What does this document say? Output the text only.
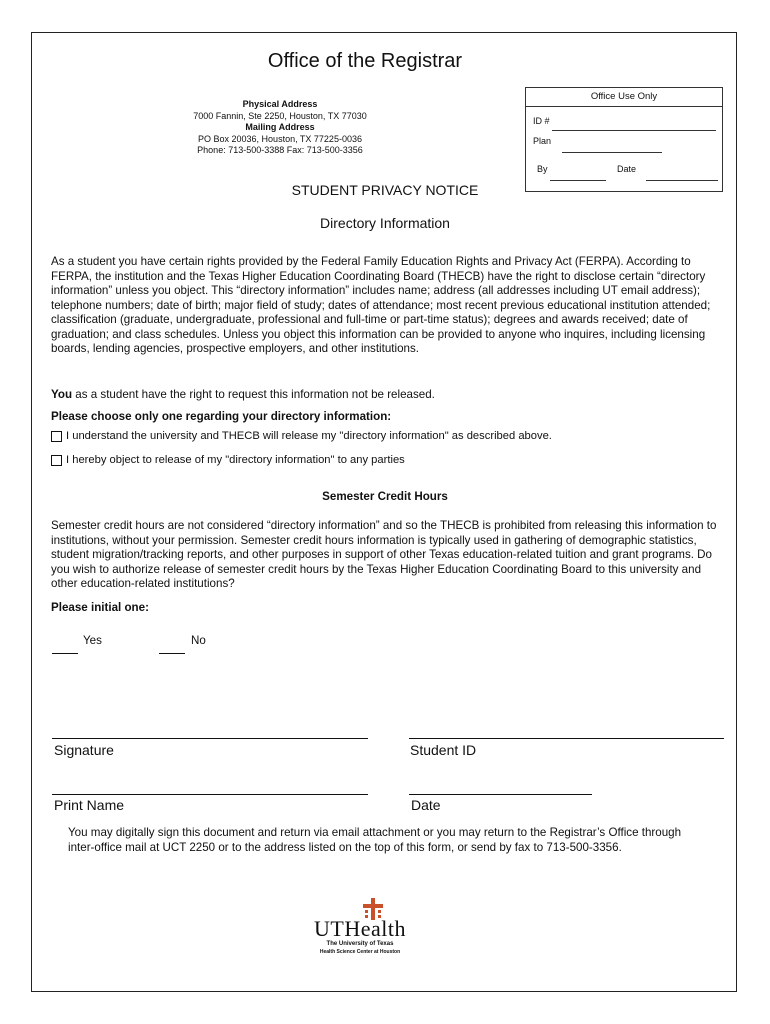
Office of the Registrar
Physical Address
7000 Fannin, Ste 2250, Houston, TX 77030
Mailing Address
PO Box 20036, Houston, TX 77225-0036
Phone: 713-500-3388 Fax: 713-500-3356
Office Use Only
ID #
Plan
By	Date
STUDENT PRIVACY NOTICE
Directory Information
As a student you have certain rights provided by the Federal Family Education Rights and Privacy Act (FERPA). According to FERPA, the institution and the Texas Higher Education Coordinating Board (THECB) have the right to disclose certain “directory information” unless you object. This “directory information” includes name; address (all addresses including UT email address); telephone numbers; date of birth; major field of study; dates of attendance; most recent previous educational institution attended; classification (graduate, undergraduate, professional and full-time or part-time status); degrees and awards received; date of graduation; and class schedules. Unless you object this information can be provided to anyone who inquires, including licensing boards, lending agencies, prospective employers, and other institutions.
You as a student have the right to request this information not be released.
Please choose only one regarding your directory information:
I understand the university and THECB will release my "directory information" as described above.
I hereby object to release of my "directory information" to any parties
Semester Credit Hours
Semester credit hours are not considered “directory information” and so the THECB is prohibited from releasing this information to institutions, without your permission. Semester credit hours information is typically used in gathering of demographic statistics, student migration/tracking reports, and other purposes in support of other Texas education-related tuition and grant programs. Do you wish to authorize release of semester credit hours by the Texas Higher Education Coordinating Board to this university and other education-related institutions?
Please initial one:
Yes	No
Signature	Student ID
Print Name	Date
You may digitally sign this document and return via email attachment or you may return to the Registrar’s Office through inter-office mail at UCT 2250 or to the address listed on the top of this form, or send by fax to 713-500-3356.
UTHealth
The University of Texas
Health Science Center at Houston
